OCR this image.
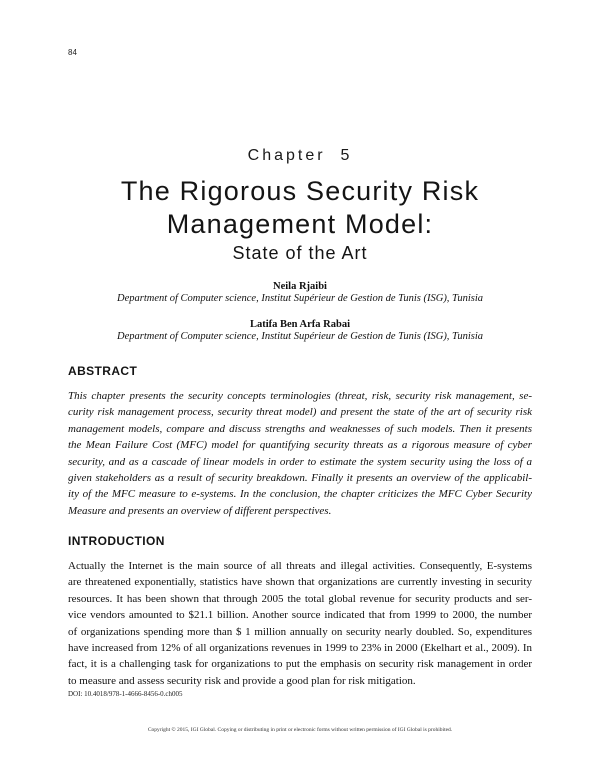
84
Chapter  5
The Rigorous Security Risk
Management Model:
State of the Art
Neila Rjaibi
Department of Computer science, Institut Supérieur de Gestion de Tunis (ISG), Tunisia
Latifa Ben Arfa Rabai
Department of Computer science, Institut Supérieur de Gestion de Tunis (ISG), Tunisia
ABSTRACT
This chapter presents the security concepts terminologies (threat, risk, security risk management, se-
curity risk management process, security threat model) and present the state of the art of security risk
management models, compare and discuss strengths and weaknesses of such models. Then it presents
the Mean Failure Cost (MFC) model for quantifying security threats as a rigorous measure of cyber
security, and as a cascade of linear models in order to estimate the system security using the loss of a
given stakeholders as a result of security breakdown. Finally it presents an overview of the applicabil-
ity of the MFC measure to e-systems. In the conclusion, the chapter criticizes the MFC Cyber Security
Measure and presents an overview of different perspectives.
INTRODUCTION
Actually the Internet is the main source of all threats and illegal activities. Consequently, E-systems
are threatened exponentially, statistics have shown that organizations are currently investing in security
resources. It has been shown that through 2005 the total global revenue for security products and ser-
vice vendors amounted to $21.1 billion. Another source indicated that from 1999 to 2000, the number
of organizations spending more than $ 1 million annually on security nearly doubled. So, expenditures
have increased from 12% of all organizations revenues in 1999 to 23% in 2000 (Ekelhart et al., 2009). In
fact, it is a challenging task for organizations to put the emphasis on security risk management in order
to measure and assess security risk and provide a good plan for risk mitigation.
DOI: 10.4018/978-1-4666-8456-0.ch005
Copyright © 2015, IGI Global. Copying or distributing in print or electronic forms without written permission of IGI Global is prohibited.
